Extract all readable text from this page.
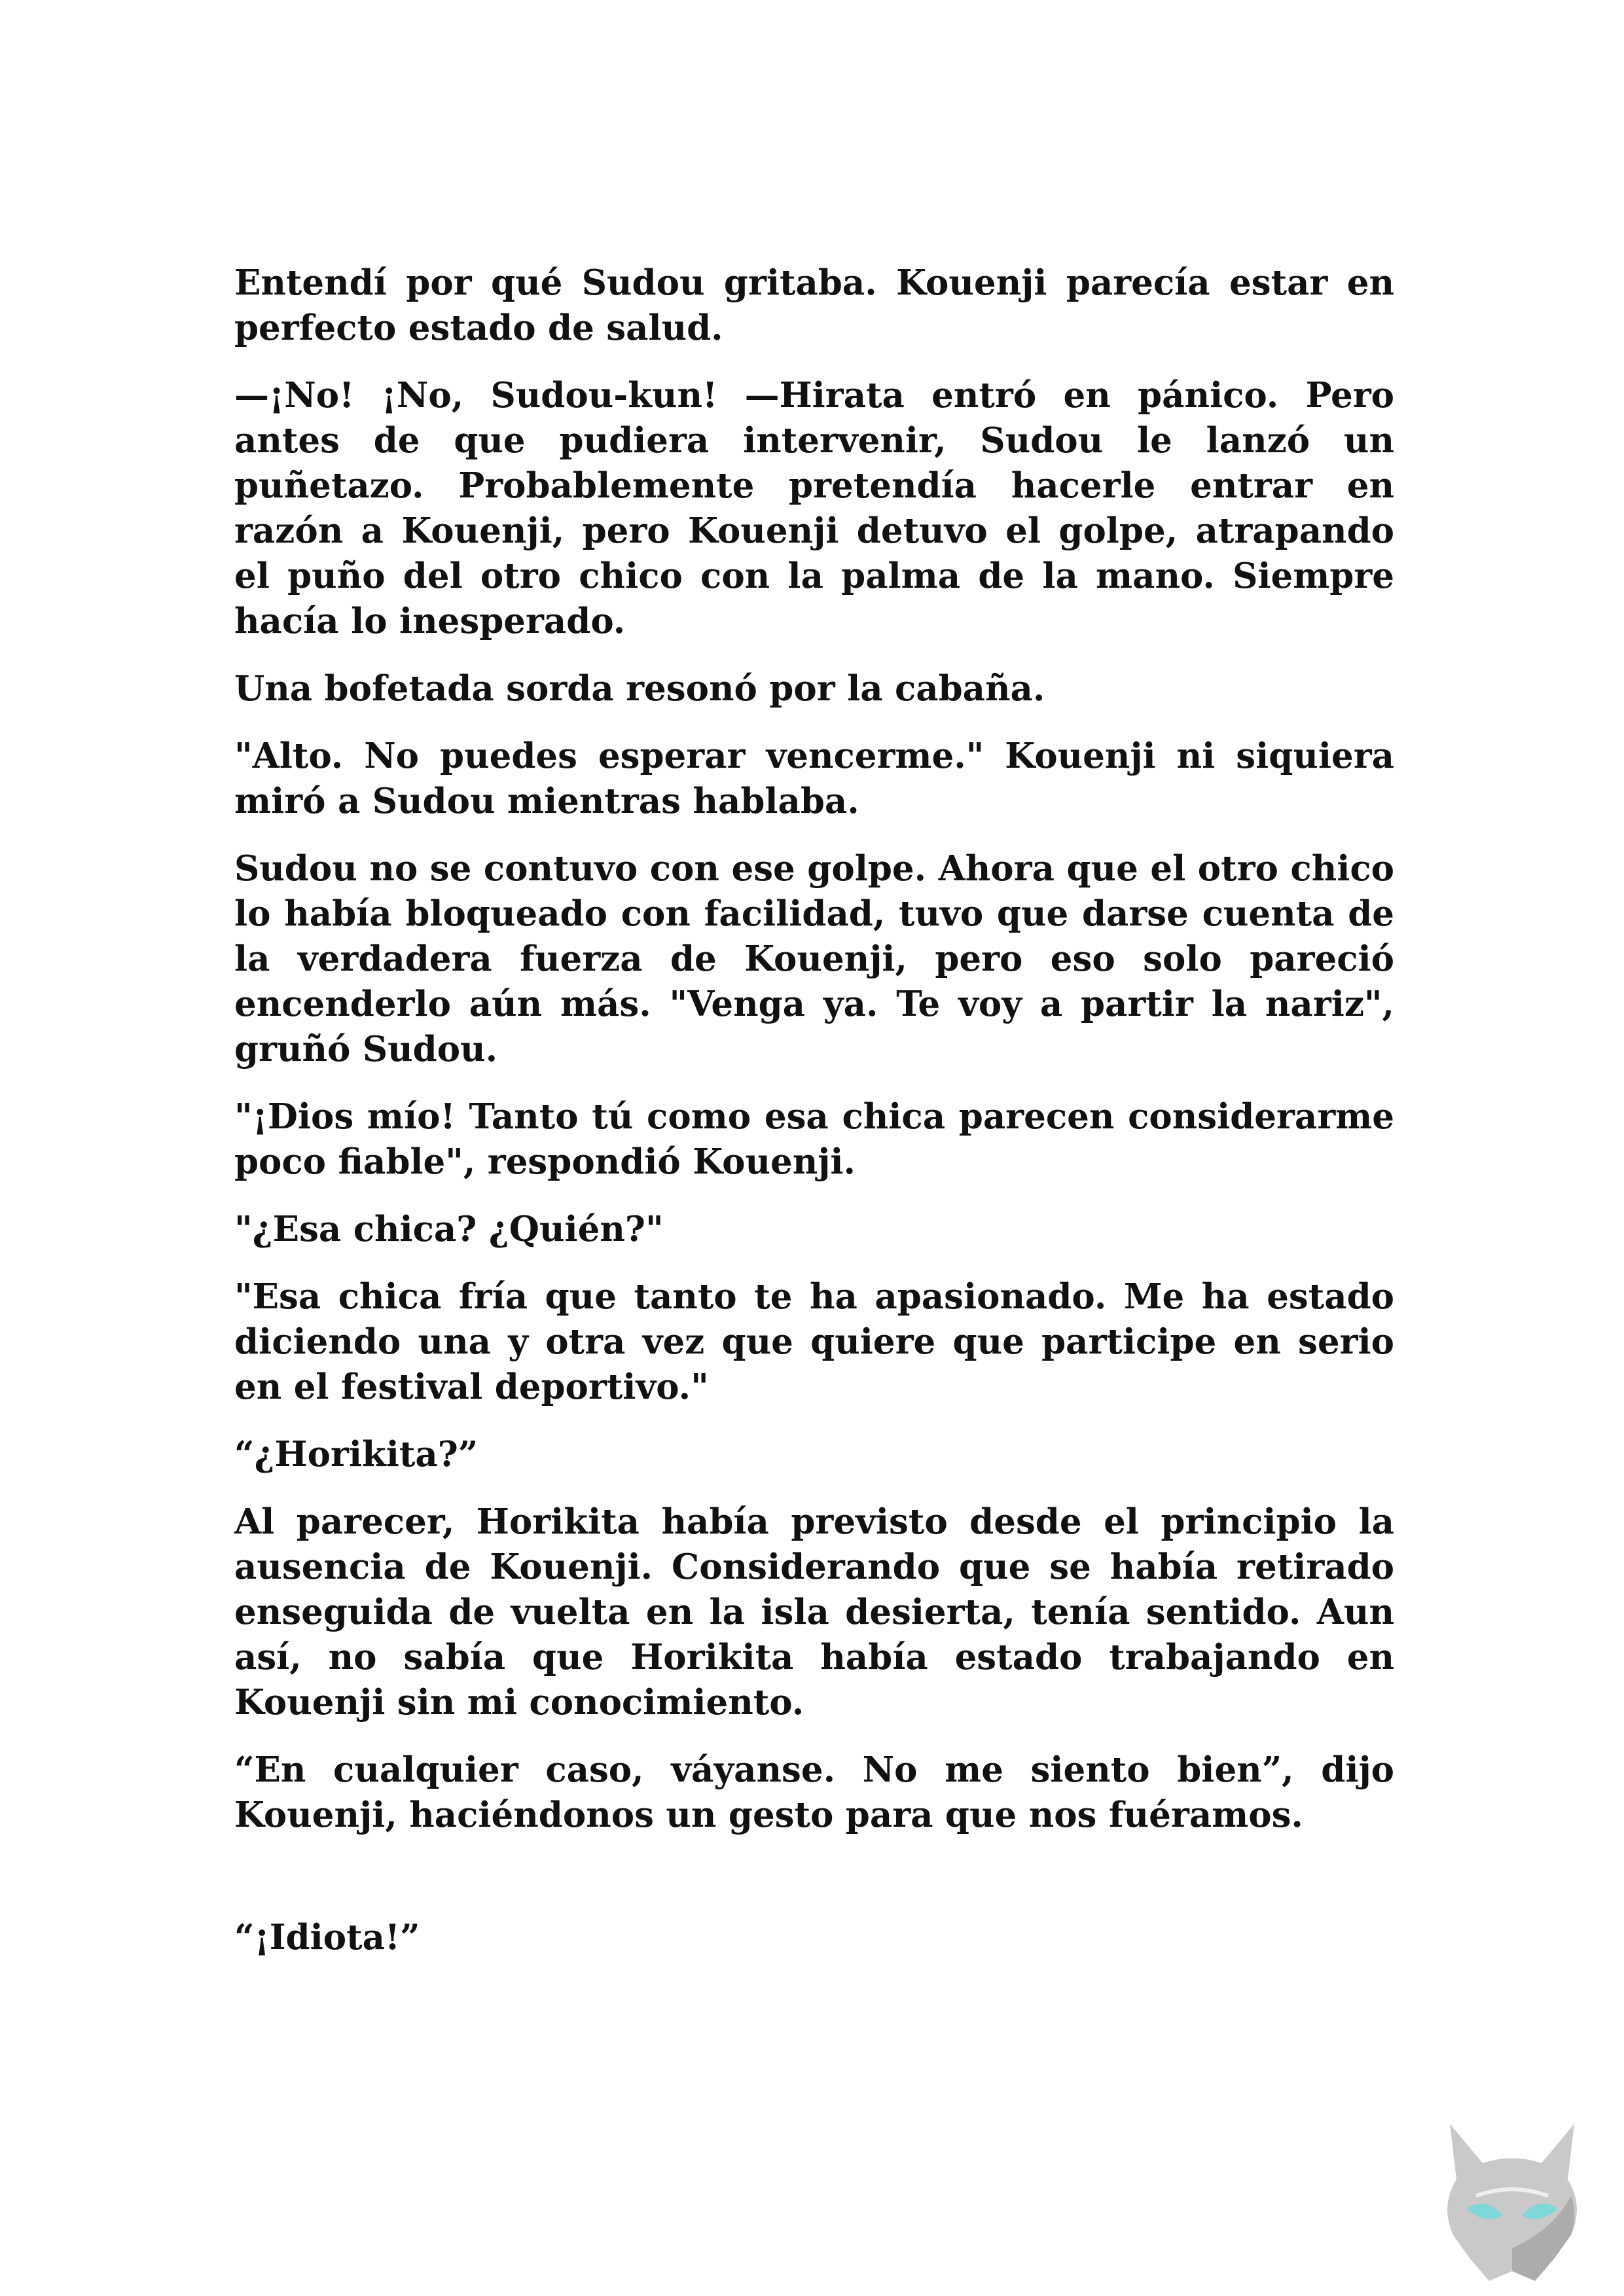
Entendí por qué Sudou gritaba. Kouenji parecía estar en perfecto estado de salud.

—¡No! ¡No, Sudou-kun! —Hirata entró en pánico. Pero antes de que pudiera intervenir, Sudou le lanzó un puñetazo. Probablemente pretendía hacerle entrar en razón a Kouenji, pero Kouenji detuvo el golpe, atrapando el puño del otro chico con la palma de la mano. Siempre hacía lo inesperado.

Una bofetada sorda resonó por la cabaña.

"Alto. No puedes esperar vencerme." Kouenji ni siquiera miró a Sudou mientras hablaba.

Sudou no se contuvo con ese golpe. Ahora que el otro chico lo había bloqueado con facilidad, tuvo que darse cuenta de la verdadera fuerza de Kouenji, pero eso solo pareció encenderlo aún más. "Venga ya. Te voy a partir la nariz", gruñó Sudou.

"¡Dios mío! Tanto tú como esa chica parecen considerarme poco fiable", respondió Kouenji.

"¿Esa chica? ¿Quién?"

"Esa chica fría que tanto te ha apasionado. Me ha estado diciendo una y otra vez que quiere que participe en serio en el festival deportivo."

“¿Horikita?”

Al parecer, Horikita había previsto desde el principio la ausencia de Kouenji. Considerando que se había retirado enseguida de vuelta en la isla desierta, tenía sentido. Aun así, no sabía que Horikita había estado trabajando en Kouenji sin mi conocimiento.

“En cualquier caso, váyanse. No me siento bien”, dijo Kouenji, haciéndonos un gesto para que nos fuéramos.

“¡Idiota!”
